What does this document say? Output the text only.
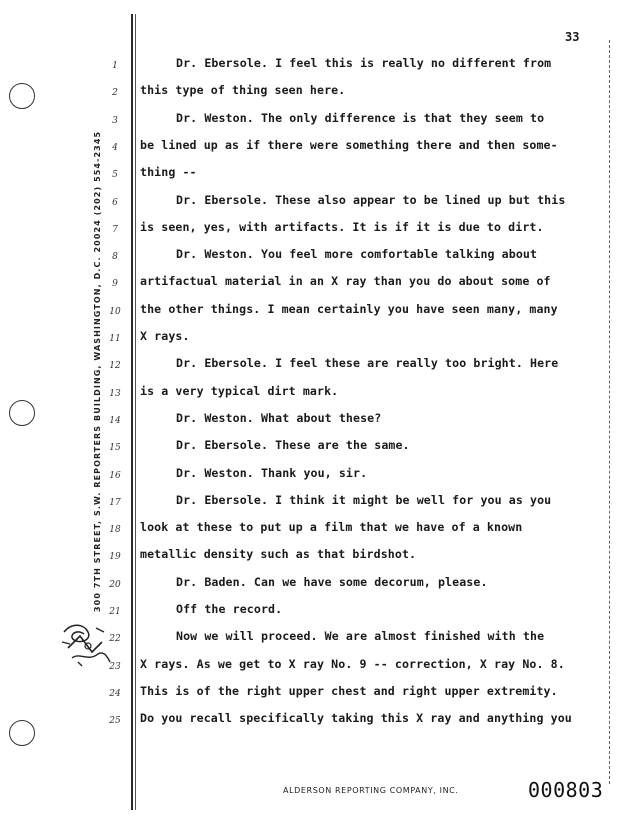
300 7TH STREET, S.W. REPORTERS BUILDING, WASHINGTON, D.C. 20024 (202) 554-2345
33
1
2
3
4
5
6
7
8
9
10
11
12
13
14
15
16
17
18
19
20
21
22
23
24
25
Dr. Ebersole. I feel this is really no different from
this type of thing seen here.
Dr. Weston. The only difference is that they seem to
be lined up as if there were something there and then some-
thing --
Dr. Ebersole. These also appear to be lined up but this
is seen, yes, with artifacts. It is if it is due to dirt.
Dr. Weston. You feel more comfortable talking about
artifactual material in an X ray than you do about some of
the other things. I mean certainly you have seen many, many
X rays.
Dr. Ebersole. I feel these are really too bright. Here
is a very typical dirt mark.
Dr. Weston. What about these?
Dr. Ebersole. These are the same.
Dr. Weston. Thank you, sir.
Dr. Ebersole. I think it might be well for you as you
look at these to put up a film that we have of a known
metallic density such as that birdshot.
Dr. Baden. Can we have some decorum, please.
Off the record.
Now we will proceed. We are almost finished with the
X rays. As we get to X ray No. 9 -- correction, X ray No. 8.
This is of the right upper chest and right upper extremity.
Do you recall specifically taking this X ray and anything you
ALDERSON REPORTING COMPANY, INC.	000803
